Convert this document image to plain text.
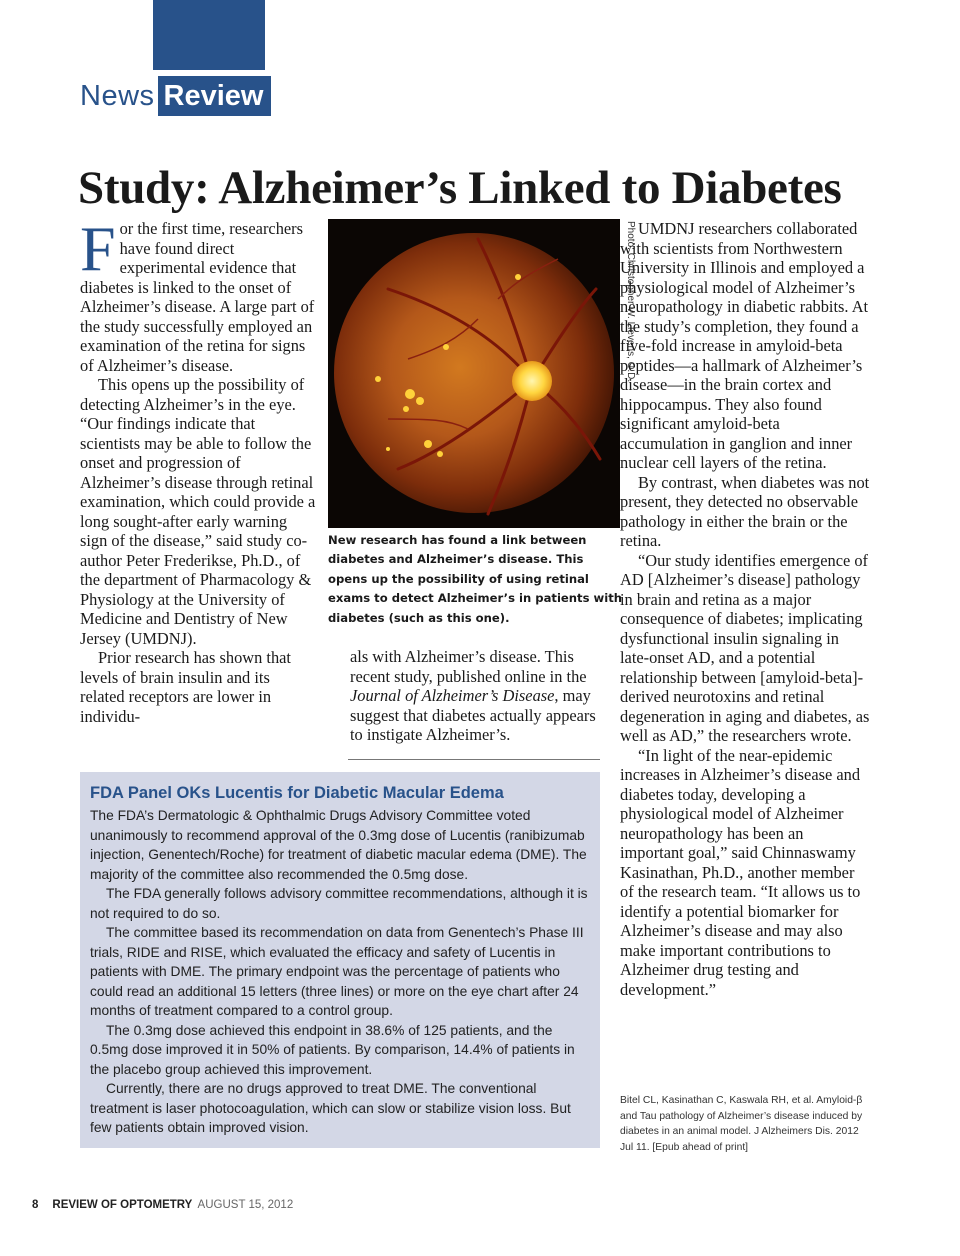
News Review
Study: Alzheimer’s Linked to Diabetes

For the first time, researchers have found direct experimental evidence that diabetes is linked to the onset of Alzheimer’s disease. A large part of the study successfully employed an examination of the retina for signs of Alzheimer’s disease.

This opens up the possibility of detecting Alzheimer’s in the eye. “Our findings indicate that scientists may be able to follow the onset and progression of Alzheimer’s disease through retinal examination, which could provide a long sought-after early warning sign of the disease,” said study co-author Peter Frederikse, Ph.D., of the department of Pharmacology & Physiology at the University of Medicine and Dentistry of New Jersey (UMDNJ).

Prior research has shown that levels of brain insulin and its related receptors are lower in individu-

Photo: Christopher W. Lievens, O.D.
New research has found a link between diabetes and Alzheimer’s disease. This opens up the possibility of using retinal exams to detect Alzheimer’s in patients with diabetes (such as this one).

als with Alzheimer’s disease. This recent study, published online in the Journal of Alzheimer’s Disease, may suggest that diabetes actually appears to instigate Alzheimer’s.

UMDNJ researchers collaborated with scientists from Northwestern University in Illinois and employed a physiological model of Alzheimer’s neuropathology in diabetic rabbits. At the study’s completion, they found a five-fold increase in amyloid-beta peptides—a hallmark of Alzheimer’s disease—in the brain cortex and hippocampus. They also found significant amyloid-beta accumulation in ganglion and inner nuclear cell layers of the retina.

By contrast, when diabetes was not present, they detected no observable pathology in either the brain or the retina.

“Our study identifies emergence of AD [Alzheimer’s disease] pathology in brain and retina as a major consequence of diabetes; implicating dysfunctional insulin signaling in late-onset AD, and a potential relationship between [amyloid-beta]-derived neurotoxins and retinal degeneration in aging and diabetes, as well as AD,” the researchers wrote.

“In light of the near-epidemic increases in Alzheimer’s disease and diabetes today, developing a physiological model of Alzheimer neuropathology has been an important goal,” said Chinnaswamy Kasinathan, Ph.D., another member of the research team. “It allows us to identify a potential biomarker for Alzheimer’s disease and may also make important contributions to Alzheimer drug testing and development.”

FDA Panel OKs Lucentis for Diabetic Macular Edema

The FDA’s Dermatologic & Ophthalmic Drugs Advisory Committee voted unanimously to recommend approval of the 0.3mg dose of Lucentis (ranibizumab injection, Genentech/Roche) for treatment of diabetic macular edema (DME). The majority of the committee also recommended the 0.5mg dose.

The FDA generally follows advisory committee recommendations, although it is not required to do so.

The committee based its recommendation on data from Genentech’s Phase III trials, RIDE and RISE, which evaluated the efficacy and safety of Lucentis in patients with DME. The primary endpoint was the percentage of patients who could read an additional 15 letters (three lines) or more on the eye chart after 24 months of treatment compared to a control group.

The 0.3mg dose achieved this endpoint in 38.6% of 125 patients, and the 0.5mg dose improved it in 50% of patients. By comparison, 14.4% of patients in the placebo group achieved this improvement.

Currently, there are no drugs approved to treat DME. The conventional treatment is laser photocoagulation, which can slow or stabilize vision loss. But few patients obtain improved vision.

Bitel CL, Kasinathan C, Kaswala RH, et al. Amyloid-β and Tau pathology of Alzheimer’s disease induced by diabetes in an animal model. J Alzheimers Dis. 2012 Jul 11. [Epub ahead of print]
8 REVIEW OF OPTOMETRY AUGUST 15, 2012
